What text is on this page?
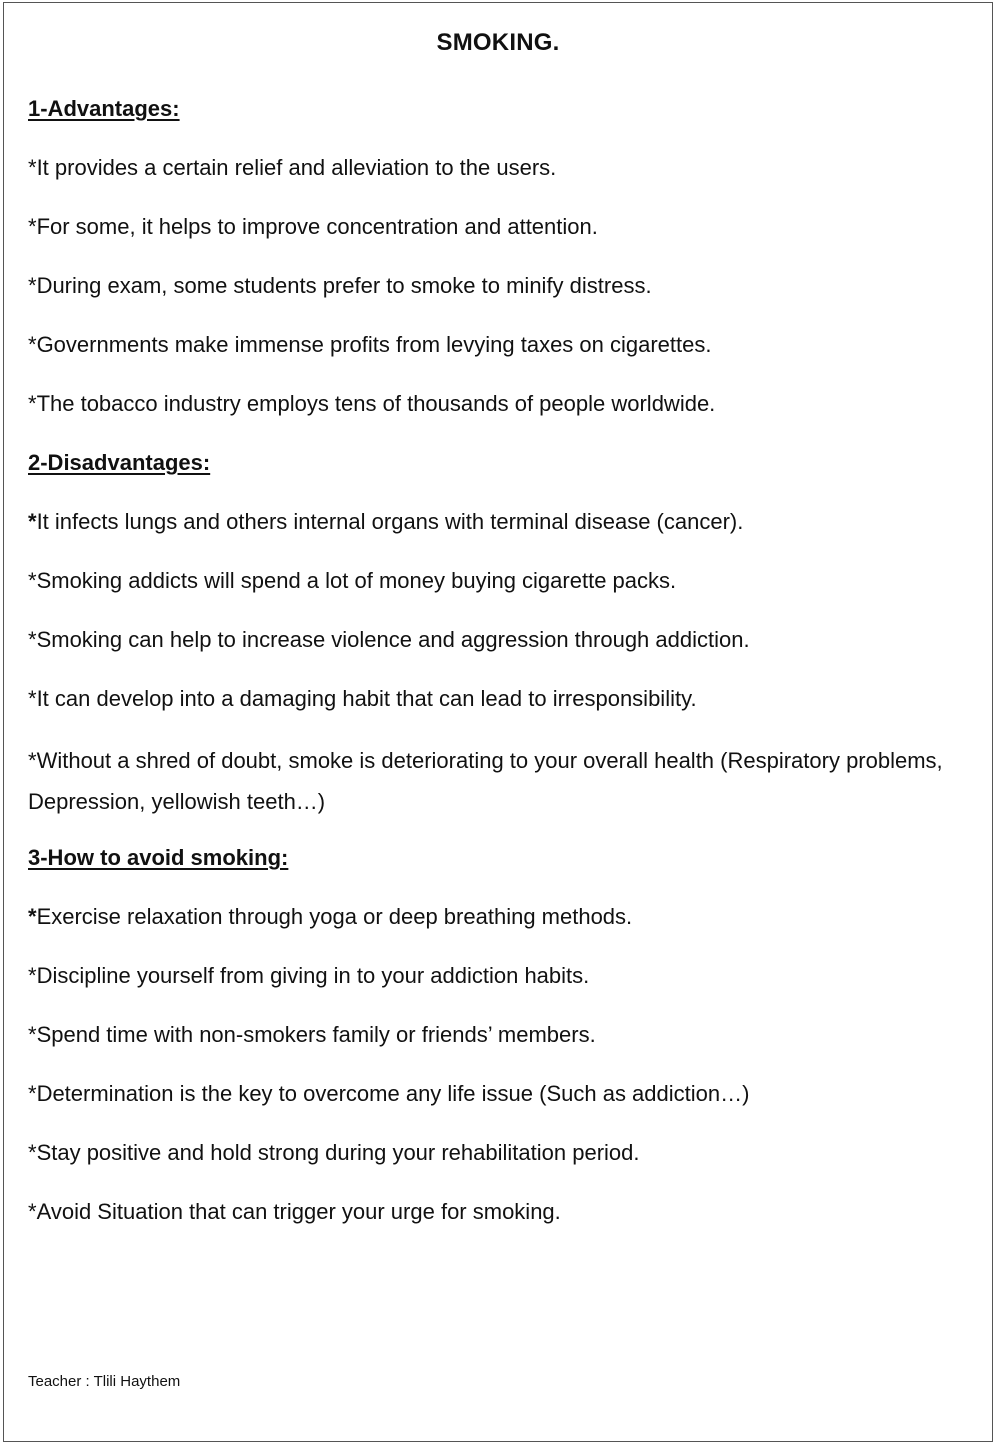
SMOKING.
1-Advantages:
*It provides a certain relief and alleviation to the users.
*For some, it helps to improve concentration and attention.
*During exam, some students prefer to smoke to minify distress.
*Governments make immense profits from levying taxes on cigarettes.
*The tobacco industry employs tens of thousands of people worldwide.
2-Disadvantages:
*It infects lungs and others internal organs with terminal disease (cancer).
*Smoking addicts will spend a lot of money buying cigarette packs.
*Smoking can help to increase violence and aggression through addiction.
*It can develop into a damaging habit that can lead to irresponsibility.
*Without a shred of doubt, smoke is deteriorating to your overall health (Respiratory problems, Depression, yellowish teeth…)
3-How to avoid smoking:
*Exercise relaxation through yoga or deep breathing methods.
*Discipline yourself from giving in to your addiction habits.
*Spend time with non-smokers family or friends’ members.
*Determination is the key to overcome any life issue (Such as addiction…)
*Stay positive and hold strong during your rehabilitation period.
*Avoid Situation that can trigger your urge for smoking.
Teacher : Tlili Haythem
